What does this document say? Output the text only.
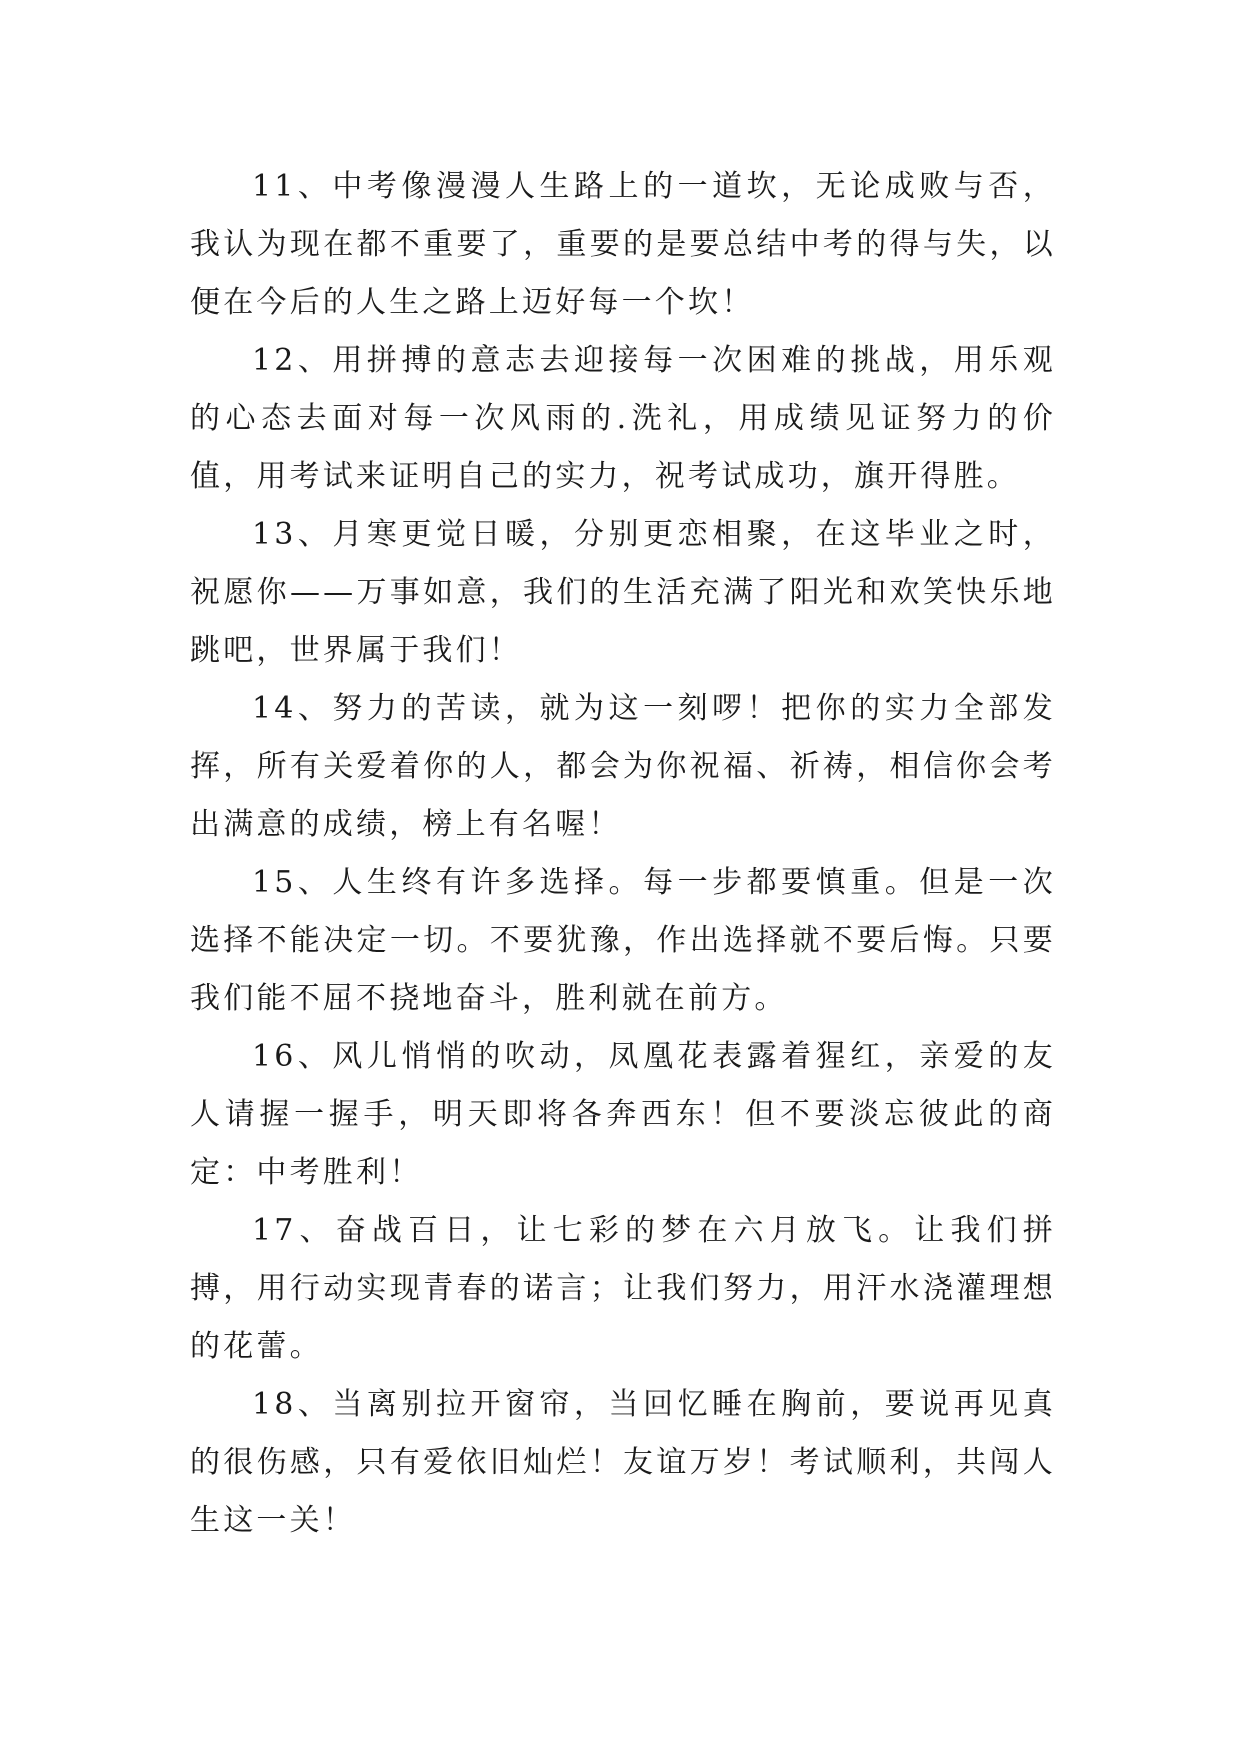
11、中考像漫漫人生路上的一道坎，无论成败与否，我认为现在都不重要了，重要的是要总结中考的得与失，以便在今后的人生之路上迈好每一个坎！

12、用拼搏的意志去迎接每一次困难的挑战，用乐观的心态去面对每一次风雨的.洗礼，用成绩见证努力的价值，用考试来证明自己的实力，祝考试成功，旗开得胜。

13、月寒更觉日暖，分别更恋相聚，在这毕业之时，祝愿你——万事如意，我们的生活充满了阳光和欢笑快乐地跳吧，世界属于我们！

14、努力的苦读，就为这一刻啰！把你的实力全部发挥，所有关爱着你的人，都会为你祝福、祈祷，相信你会考出满意的成绩，榜上有名喔！

15、人生终有许多选择。每一步都要慎重。但是一次选择不能决定一切。不要犹豫，作出选择就不要后悔。只要我们能不屈不挠地奋斗，胜利就在前方。

16、风儿悄悄的吹动，凤凰花表露着猩红，亲爱的友人请握一握手，明天即将各奔西东！但不要淡忘彼此的商定：中考胜利！

17、奋战百日，让七彩的梦在六月放飞。让我们拼搏，用行动实现青春的诺言；让我们努力，用汗水浇灌理想的花蕾。

18、当离别拉开窗帘，当回忆睡在胸前，要说再见真的很伤感，只有爱依旧灿烂！友谊万岁！考试顺利，共闯人生这一关！
